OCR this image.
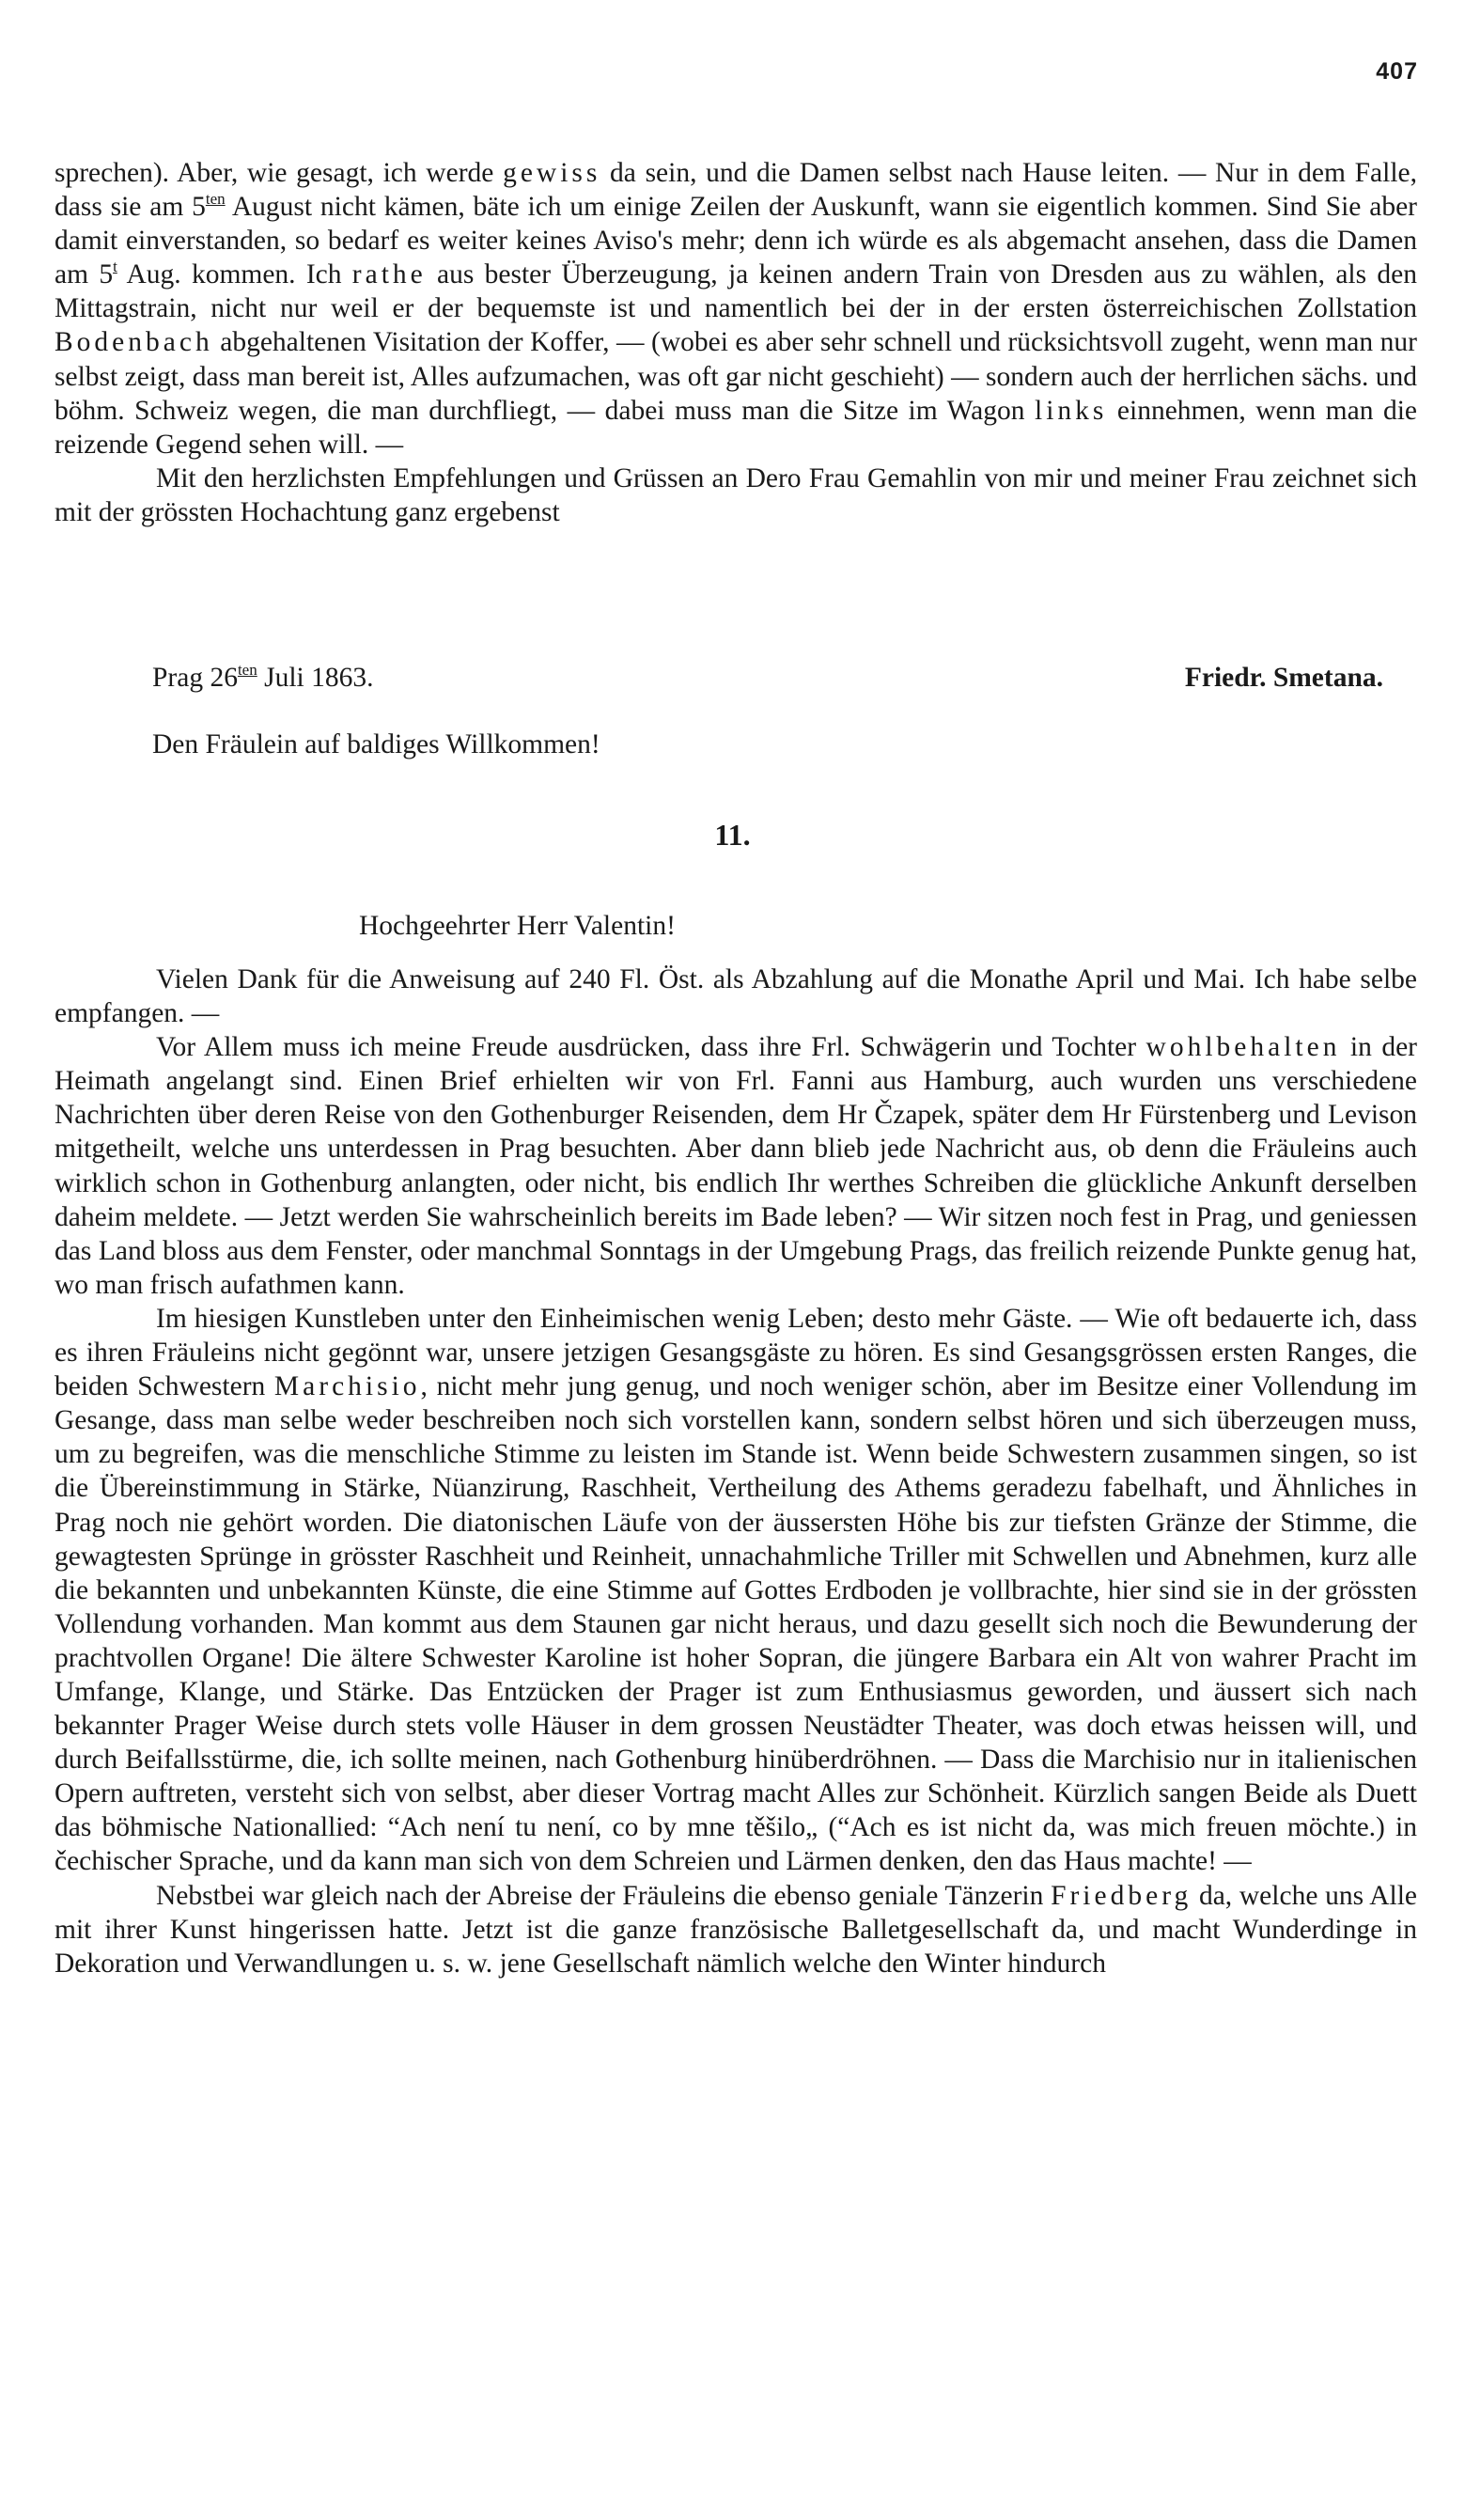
407

sprechen). Aber, wie gesagt, ich werde gewiss da sein, und die Damen selbst nach Hause leiten. — Nur in dem Falle, dass sie am $5^{ten}$ August nicht kämen, bäte ich um einige Zeilen der Auskunft, wann sie eigentlich kommen. Sind Sie aber damit einverstanden, so bedarf es weiter keines Aviso's mehr; denn ich würde es als abgemacht ansehen, dass die Damen am 5$^t$ Aug. kommen. Ich rathe aus bester Überzeugung, ja keinen andern Train von Dresden aus zu wählen, als den Mittagstrain, nicht nur weil er der bequemste ist und namentlich bei der in der ersten österreichischen Zollstation Bodenbach abgehaltenen Visitation der Koffer, — (wobei es aber sehr schnell und rücksichtsvoll zugeht, wenn man nur selbst zeigt, dass man bereit ist, Alles aufzumachen, was oft gar nicht geschieht) — sondern auch der herrlichen sächs. und böhm. Schweiz wegen, die man durchfliegt, — dabei muss man die Sitze im Wagon links einnehmen, wenn man die reizende Gegend sehen will. —

Mit den herzlichsten Empfehlungen und Grüssen an Dero Frau Gemahlin von mir und meiner Frau zeichnet sich mit der grössten Hochachtung ganz ergebenst

Prag $26^{ten}$ Juli 1863.	Friedr. Smetana.
Den Fräulein auf baldiges Willkommen!
11.
Hochgeehrter Herr Valentin!

Vielen Dank für die Anweisung auf 240 Fl. Öst. als Abzahlung auf die Monathe April und Mai. Ich habe selbe empfangen. —

Vor Allem muss ich meine Freude ausdrücken, dass ihre Frl. Schwägerin und Tochter wohlbehalten in der Heimath angelangt sind. Einen Brief erhielten wir von Frl. Fanni aus Hamburg, auch wurden uns verschiedene Nachrichten über deren Reise von den Gothenburger Reisenden, dem Hr Čzapek, später dem Hr Fürstenberg und Levison mitgetheilt, welche uns unterdessen in Prag besuchten. Aber dann blieb jede Nachricht aus, ob denn die Fräuleins auch wirklich schon in Gothenburg anlangten, oder nicht, bis endlich Ihr werthes Schreiben die glückliche Ankunft derselben daheim meldete. — Jetzt werden Sie wahrscheinlich bereits im Bade leben? — Wir sitzen noch fest in Prag, und geniessen das Land bloss aus dem Fenster, oder manchmal Sonntags in der Umgebung Prags, das freilich reizende Punkte genug hat, wo man frisch aufathmen kann.

Im hiesigen Kunstleben unter den Einheimischen wenig Leben; desto mehr Gäste. — Wie oft bedauerte ich, dass es ihren Fräuleins nicht gegönnt war, unsere jetzigen Gesangsgäste zu hören. Es sind Gesangsgrössen ersten Ranges, die beiden Schwestern Marchisio, nicht mehr jung genug, und noch weniger schön, aber im Besitze einer Vollendung im Gesange, dass man selbe weder beschreiben noch sich vorstellen kann, sondern selbst hören und sich überzeugen muss, um zu begreifen, was die menschliche Stimme zu leisten im Stande ist. Wenn beide Schwestern zusammen singen, so ist die Übereinstimmung in Stärke, Nüanzirung, Raschheit, Vertheilung des Athems geradezu fabelhaft, und Ähnliches in Prag noch nie gehört worden. Die diatonischen Läufe von der äussersten Höhe bis zur tiefsten Gränze der Stimme, die gewagtesten Sprünge in grösster Raschheit und Reinheit, unnachahmliche Triller mit Schwellen und Abnehmen, kurz alle die bekannten und unbekannten Künste, die eine Stimme auf Gottes Erdboden je vollbrachte, hier sind sie in der grössten Vollendung vorhanden. Man kommt aus dem Staunen gar nicht heraus, und dazu gesellt sich noch die Bewunderung der prachtvollen Organe! Die ältere Schwester Karoline ist hoher Sopran, die jüngere Barbara ein Alt von wahrer Pracht im Umfange, Klange, und Stärke. Das Entzücken der Prager ist zum Enthusiasmus geworden, und äussert sich nach bekannter Prager Weise durch stets volle Häuser in dem grossen Neustädter Theater, was doch etwas heissen will, und durch Beifallsstürme, die, ich sollte meinen, nach Gothenburg hinüberdröhnen. — Dass die Marchisio nur in italienischen Opern auftreten, versteht sich von selbst, aber dieser Vortrag macht Alles zur Schönheit. Kürzlich sangen Beide als Duett das böhmische Nationallied: “Ach není tu není, co by mne těšilo„ (“Ach es ist nicht da, was mich freuen möchte.) in čechischer Sprache, und da kann man sich von dem Schreien und Lärmen denken, den das Haus machte! —

Nebstbei war gleich nach der Abreise der Fräuleins die ebenso geniale Tänzerin Friedberg da, welche uns Alle mit ihrer Kunst hingerissen hatte. Jetzt ist die ganze französische Balletgesellschaft da, und macht Wunderdinge in Dekoration und Verwandlungen u. s. w. jene Gesellschaft nämlich welche den Winter hindurch
